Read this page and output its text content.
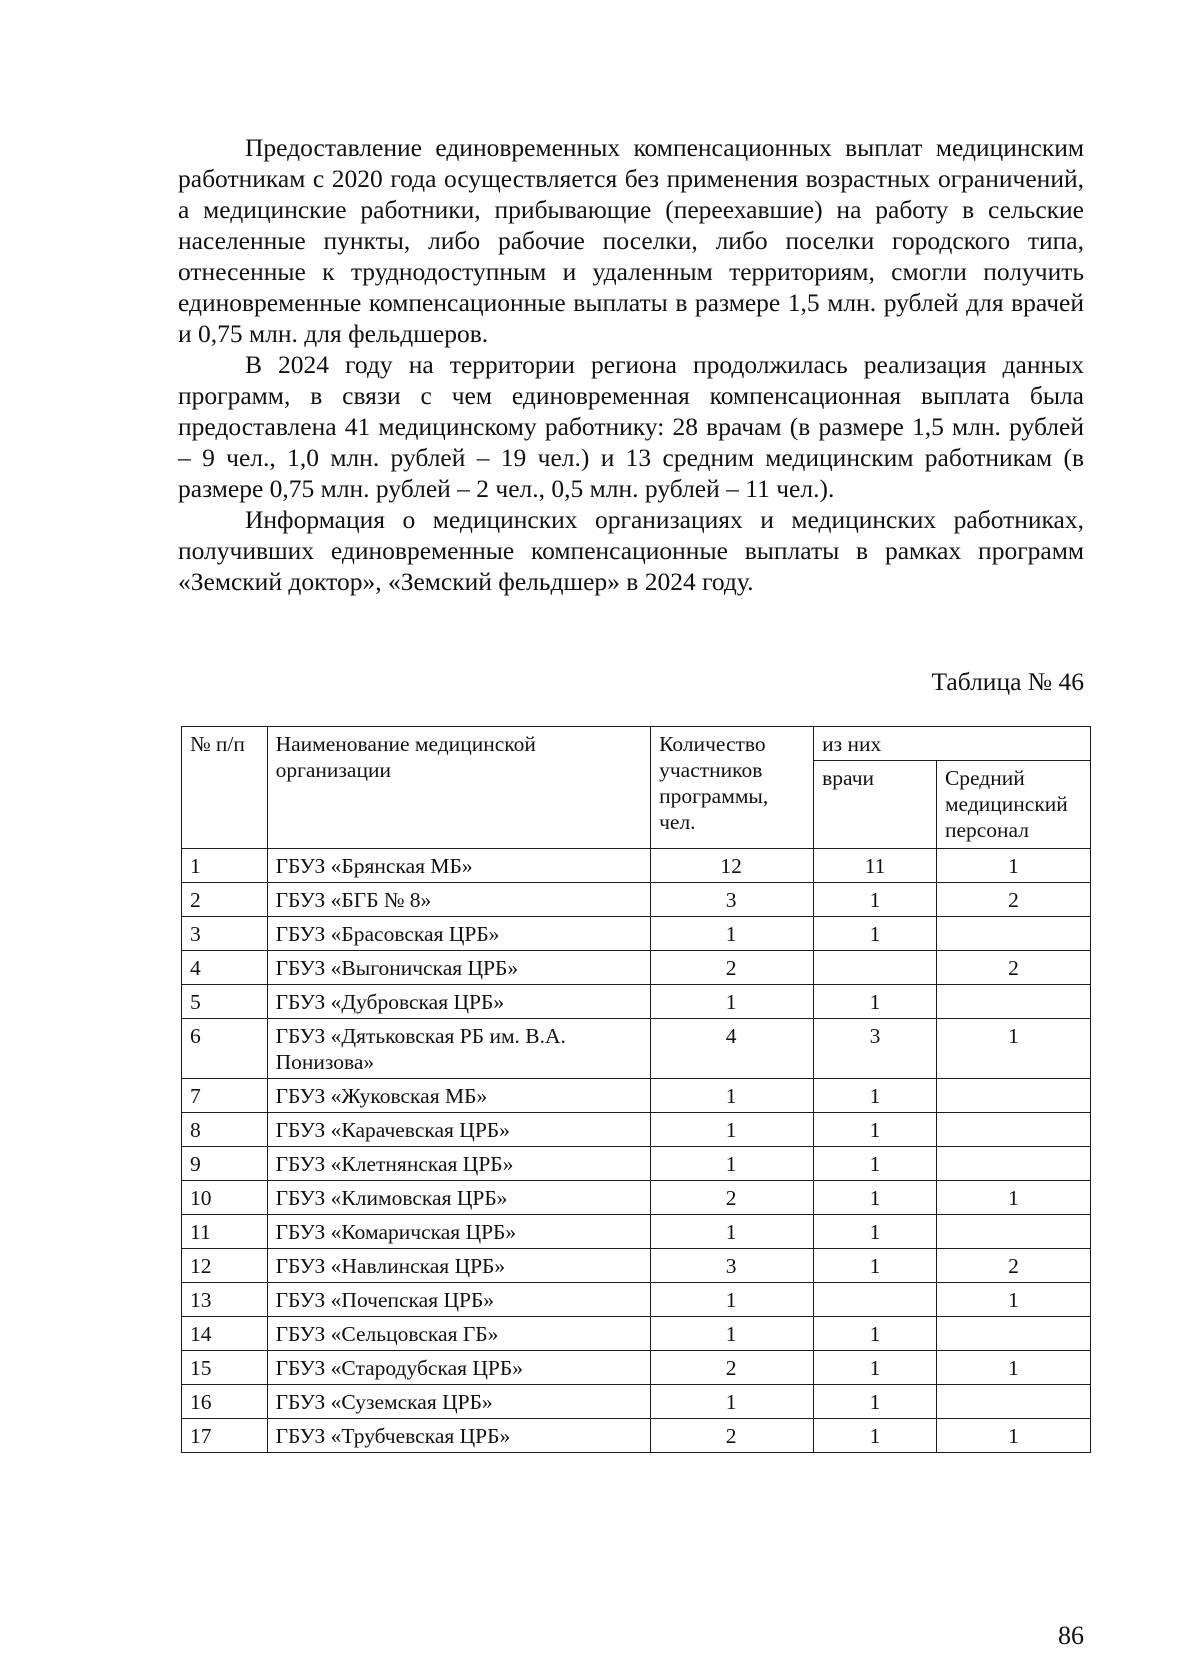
Предоставление единовременных компенсационных выплат медицинским работникам с 2020 года осуществляется без применения возрастных ограничений, а медицинские работники, прибывающие (переехавшие) на работу в сельские населенные пункты, либо рабочие поселки, либо поселки городского типа, отнесенные к труднодоступным и удаленным территориям, смогли получить единовременные компенсационные выплаты в размере 1,5 млн. рублей для врачей и 0,75 млн. для фельдшеров.

В 2024 году на территории региона продолжилась реализация данных программ, в связи с чем единовременная компенсационная выплата была предоставлена 41 медицинскому работнику: 28 врачам (в размере 1,5 млн. рублей – 9 чел., 1,0 млн. рублей – 19 чел.) и 13 средним медицинским работникам (в размере 0,75 млн. рублей – 2 чел., 0,5 млн. рублей – 11 чел.).

Информация о медицинских организациях и медицинских работниках, получивших единовременные компенсационные выплаты в рамках программ «Земский доктор», «Земский фельдшер» в 2024 году.

Таблица № 46
№ п/п	Наименование медицинской организации	Количество участников программы, чел.	из них	
			врачи	Средний медицинский персонал
1	ГБУЗ «Брянская МБ»	12	11	1
2	ГБУЗ «БГБ № 8»	3	1	2
3	ГБУЗ «Брасовская ЦРБ»	1	1	
4	ГБУЗ «Выгоничская ЦРБ»	2		2
5	ГБУЗ «Дубровская ЦРБ»	1	1	
6	ГБУЗ «Дятьковская РБ им. В.А. Понизова»	4	3	1
7	ГБУЗ «Жуковская МБ»	1	1	
8	ГБУЗ «Карачевская ЦРБ»	1	1	
9	ГБУЗ «Клетнянская ЦРБ»	1	1	
10	ГБУЗ «Климовская ЦРБ»	2	1	1
11	ГБУЗ «Комаричская ЦРБ»	1	1	
12	ГБУЗ «Навлинская ЦРБ»	3	1	2
13	ГБУЗ «Почепская ЦРБ»	1		1
14	ГБУЗ «Сельцовская ГБ»	1	1	
15	ГБУЗ «Стародубская ЦРБ»	2	1	1
16	ГБУЗ «Суземская ЦРБ»	1	1	
17	ГБУЗ «Трубчевская ЦРБ»	2	1	1
86
